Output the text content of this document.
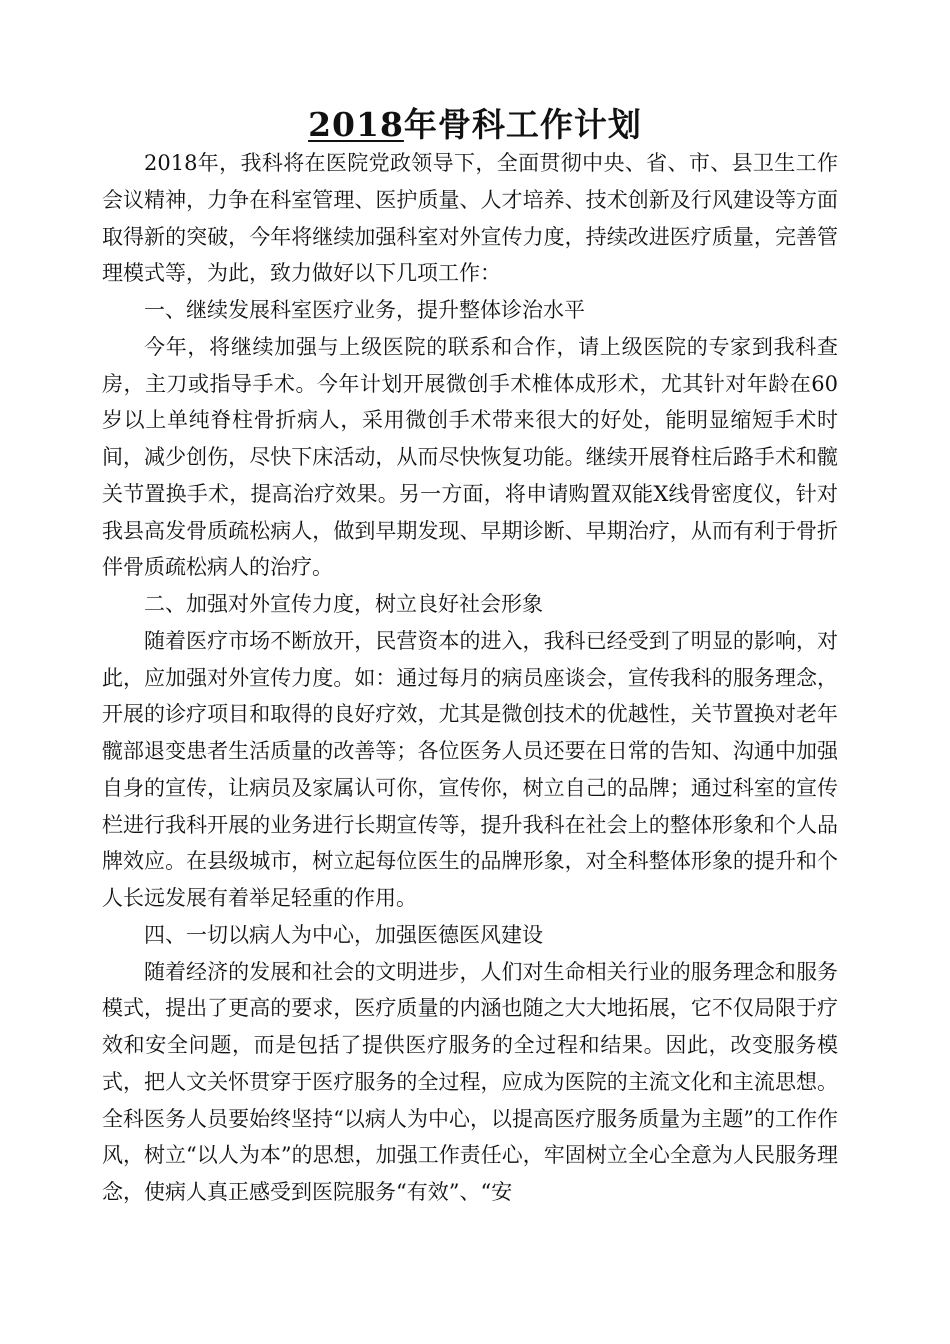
2018年骨科工作计划

2018年，我科将在医院党政领导下，全面贯彻中央、省、市、县卫生工作会议精神，力争在科室管理、医护质量、人才培养、技术创新及行风建设等方面取得新的突破，今年将继续加强科室对外宣传力度，持续改进医疗质量，完善管理模式等，为此，致力做好以下几项工作：

一、继续发展科室医疗业务，提升整体诊治水平

今年，将继续加强与上级医院的联系和合作，请上级医院的专家到我科查房，主刀或指导手术。今年计划开展微创手术椎体成形术，尤其针对年龄在60岁以上单纯脊柱骨折病人，采用微创手术带来很大的好处，能明显缩短手术时间，减少创伤，尽快下床活动，从而尽快恢复功能。继续开展脊柱后路手术和髋关节置换手术，提高治疗效果。另一方面，将申请购置双能X线骨密度仪，针对我县高发骨质疏松病人，做到早期发现、早期诊断、早期治疗，从而有利于骨折伴骨质疏松病人的治疗。

二、加强对外宣传力度，树立良好社会形象

随着医疗市场不断放开，民营资本的进入，我科已经受到了明显的影响，对此，应加强对外宣传力度。如：通过每月的病员座谈会，宣传我科的服务理念，开展的诊疗项目和取得的良好疗效，尤其是微创技术的优越性，关节置换对老年髋部退变患者生活质量的改善等；各位医务人员还要在日常的告知、沟通中加强自身的宣传，让病员及家属认可你，宣传你，树立自己的品牌；通过科室的宣传栏进行我科开展的业务进行长期宣传等，提升我科在社会上的整体形象和个人品牌效应。在县级城市，树立起每位医生的品牌形象，对全科整体形象的提升和个人长远发展有着举足轻重的作用。

四、一切以病人为中心，加强医德医风建设

随着经济的发展和社会的文明进步，人们对生命相关行业的服务理念和服务模式，提出了更高的要求，医疗质量的内涵也随之大大地拓展，它不仅局限于疗效和安全问题，而是包括了提供医疗服务的全过程和结果。因此，改变服务模式，把人文关怀贯穿于医疗服务的全过程，应成为医院的主流文化和主流思想。全科医务人员要始终坚持“以病人为中心，以提高医疗服务质量为主题”的工作作风，树立“以人为本”的思想，加强工作责任心，牢固树立全心全意为人民服务理念，使病人真正感受到医院服务“有效”、“安
